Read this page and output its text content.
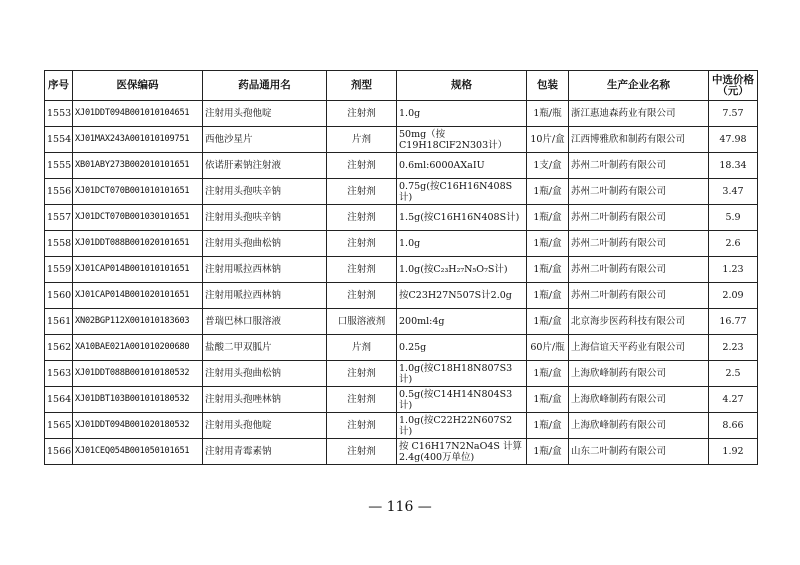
序号	医保编码	药品通用名	剂型	规格	包装	生产企业名称	中选价格（元）
1553	XJ01DDT094B001010104651	注射用头孢他啶	注射剂	1.0g	1瓶/瓶	浙江惠迪森药业有限公司	7.57
1554	XJ01MAX243A001010109751	西他沙星片	片剂	50mg（按 C19H18ClF2N303计）	10片/盒	江西博雅欣和制药有限公司	47.98
1555	XB01ABY273B002010101651	依诺肝素钠注射液	注射剂	0.6ml:6000AXaIU	1支/盒	苏州二叶制药有限公司	18.34
1556	XJ01DCT070B001010101651	注射用头孢呋辛钠	注射剂	0.75g(按C16H16N408S计)	1瓶/盒	苏州二叶制药有限公司	3.47
1557	XJ01DCT070B001030101651	注射用头孢呋辛钠	注射剂	1.5g(按C16H16N408S计)	1瓶/盒	苏州二叶制药有限公司	5.9
1558	XJ01DDT088B001020101651	注射用头孢曲松钠	注射剂	1.0g	1瓶/盒	苏州二叶制药有限公司	2.6
1559	XJ01CAP014B001010101651	注射用哌拉西林钠	注射剂	1.0g(按C₂₃H₂₇N₅O₇S计)	1瓶/盒	苏州二叶制药有限公司	1.23
1560	XJ01CAP014B001020101651	注射用哌拉西林钠	注射剂	按C23H27N507S计2.0g	1瓶/盒	苏州二叶制药有限公司	2.09
1561	XN02BGP112X001010183603	普瑞巴林口服溶液	口服溶液剂	200ml:4g	1瓶/盒	北京海步医药科技有限公司	16.77
1562	XA10BAE021A001010200680	盐酸二甲双胍片	片剂	0.25g	60片/瓶	上海信谊天平药业有限公司	2.23
1563	XJ01DDT088B001010180532	注射用头孢曲松钠	注射剂	1.0g(按C18H18N807S3计)	1瓶/盒	上海欣峰制药有限公司	2.5
1564	XJ01DBT103B001010180532	注射用头孢唑林钠	注射剂	0.5g(按C14H14N804S3计)	1瓶/盒	上海欣峰制药有限公司	4.27
1565	XJ01DDT094B001020180532	注射用头孢他啶	注射剂	1.0g(按C22H22N607S2计)	1瓶/盒	上海欣峰制药有限公司	8.66
1566	XJ01CEQ054B001050101651	注射用青霉素钠	注射剂	按 C16H17N2NaO4S 计算 2.4g(400万单位)	1瓶/盒	山东二叶制药有限公司	1.92
— 116 —
